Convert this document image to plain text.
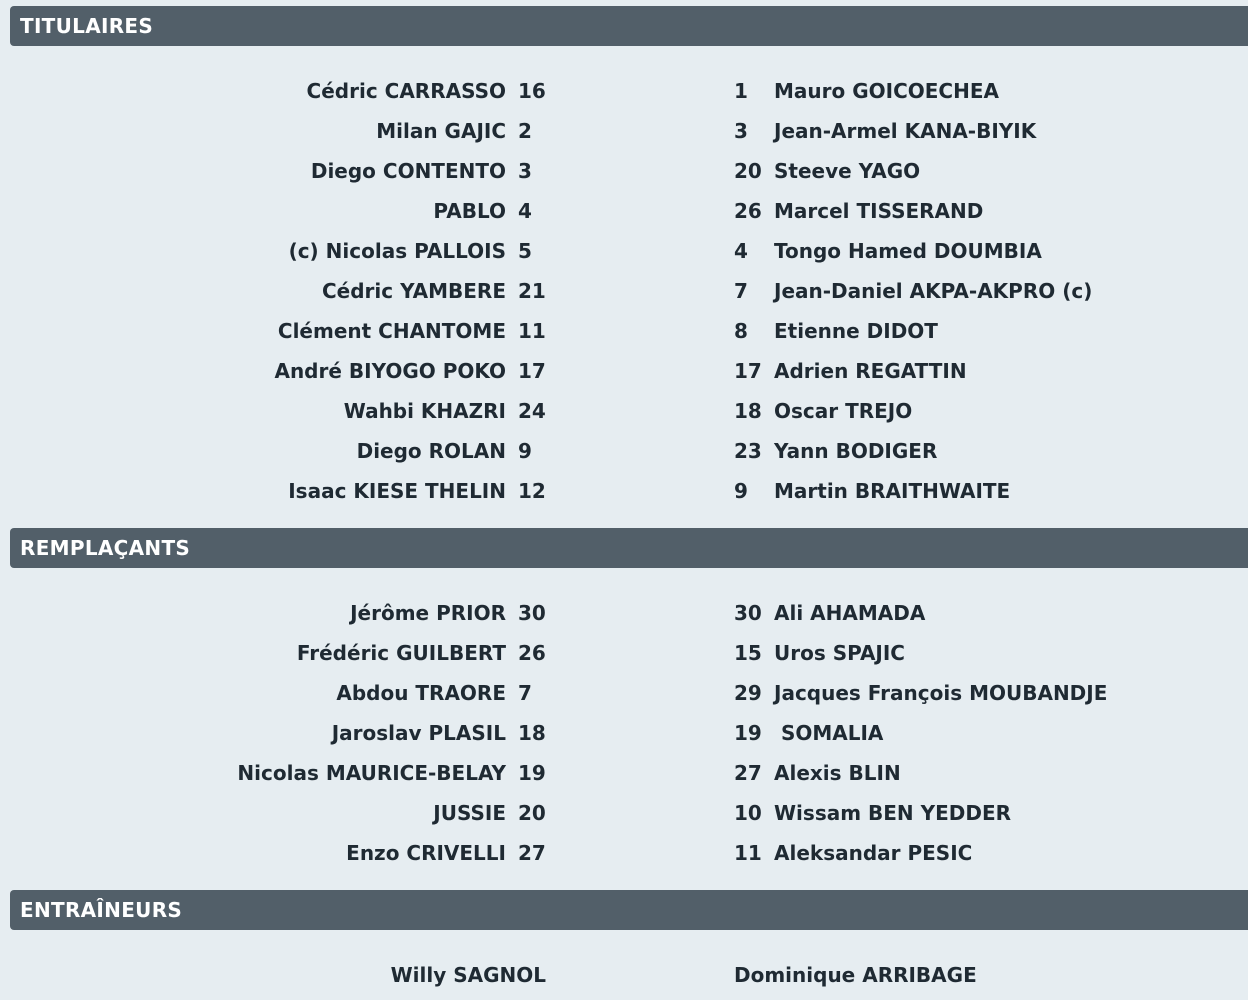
TITULAIRES
Cédric CARRASSO 16	1 Mauro GOICOECHEA
Milan GAJIC 2	3 Jean-Armel KANA-BIYIK
Diego CONTENTO 3	20 Steeve YAGO
PABLO 4	26 Marcel TISSERAND
(c) Nicolas PALLOIS 5	4 Tongo Hamed DOUMBIA
Cédric YAMBERE 21	7 Jean-Daniel AKPA-AKPRO (c)
Clément CHANTOME 11	8 Etienne DIDOT
André BIYOGO POKO 17	17 Adrien REGATTIN
Wahbi KHAZRI 24	18 Oscar TREJO
Diego ROLAN 9	23 Yann BODIGER
Isaac KIESE THELIN 12	9 Martin BRAITHWAITE
REMPLAÇANTS
Jérôme PRIOR 30	30 Ali AHAMADA
Frédéric GUILBERT 26	15 Uros SPAJIC
Abdou TRAORE 7	29 Jacques François MOUBANDJE
Jaroslav PLASIL 18	19 SOMALIA
Nicolas MAURICE-BELAY 19	27 Alexis BLIN
JUSSIE 20	10 Wissam BEN YEDDER
Enzo CRIVELLI 27	11 Aleksandar PESIC
ENTRAÎNEURS
Willy SAGNOL	Dominique ARRIBAGE
